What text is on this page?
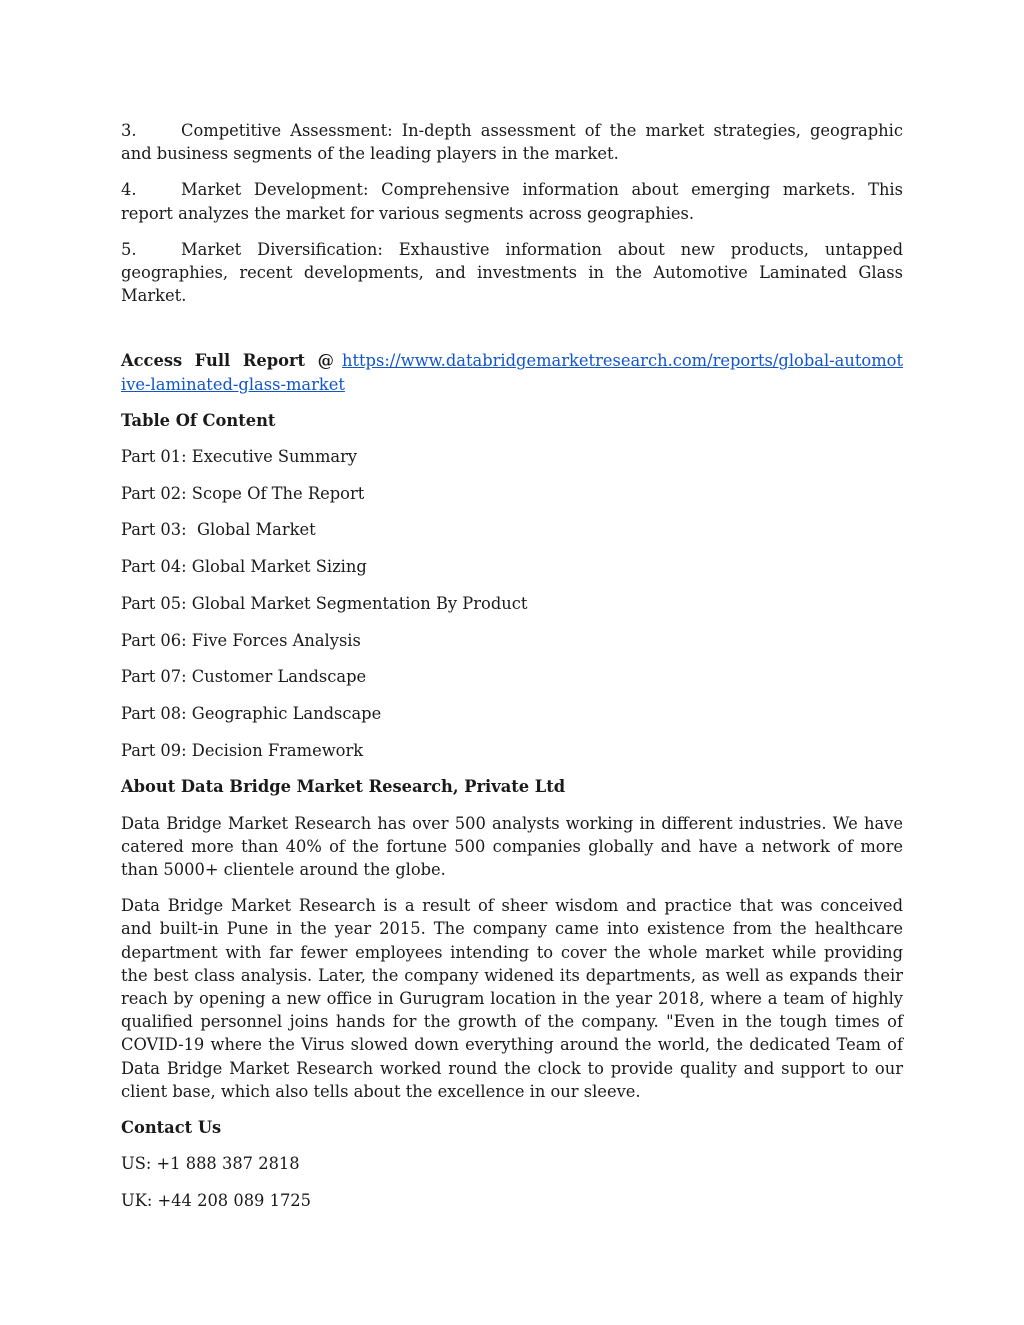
3.	Competitive Assessment: In-depth assessment of the market strategies, geographic and business segments of the leading players in the market.
4.	Market Development: Comprehensive information about emerging markets. This report analyzes the market for various segments across geographies.
5.	Market Diversification: Exhaustive information about new products, untapped geographies, recent developments, and investments in the Automotive Laminated Glass Market.
Access Full Report @ https://www.databridgemarketresearch.com/reports/global-automotive-laminated-glass-market
Table Of Content
Part 01: Executive Summary
Part 02: Scope Of The Report
Part 03:  Global Market
Part 04: Global Market Sizing
Part 05: Global Market Segmentation By Product
Part 06: Five Forces Analysis
Part 07: Customer Landscape
Part 08: Geographic Landscape
Part 09: Decision Framework
About Data Bridge Market Research, Private Ltd

Data Bridge Market Research has over 500 analysts working in different industries. We have catered more than 40% of the fortune 500 companies globally and have a network of more than 5000+ clientele around the globe.

Data Bridge Market Research is a result of sheer wisdom and practice that was conceived and built-in Pune in the year 2015. The company came into existence from the healthcare department with far fewer employees intending to cover the whole market while providing the best class analysis. Later, the company widened its departments, as well as expands their reach by opening a new office in Gurugram location in the year 2018, where a team of highly qualified personnel joins hands for the growth of the company. "Even in the tough times of COVID-19 where the Virus slowed down everything around the world, the dedicated Team of Data Bridge Market Research worked round the clock to provide quality and support to our client base, which also tells about the excellence in our sleeve.

Contact Us
US: +1 888 387 2818
UK: +44 208 089 1725
